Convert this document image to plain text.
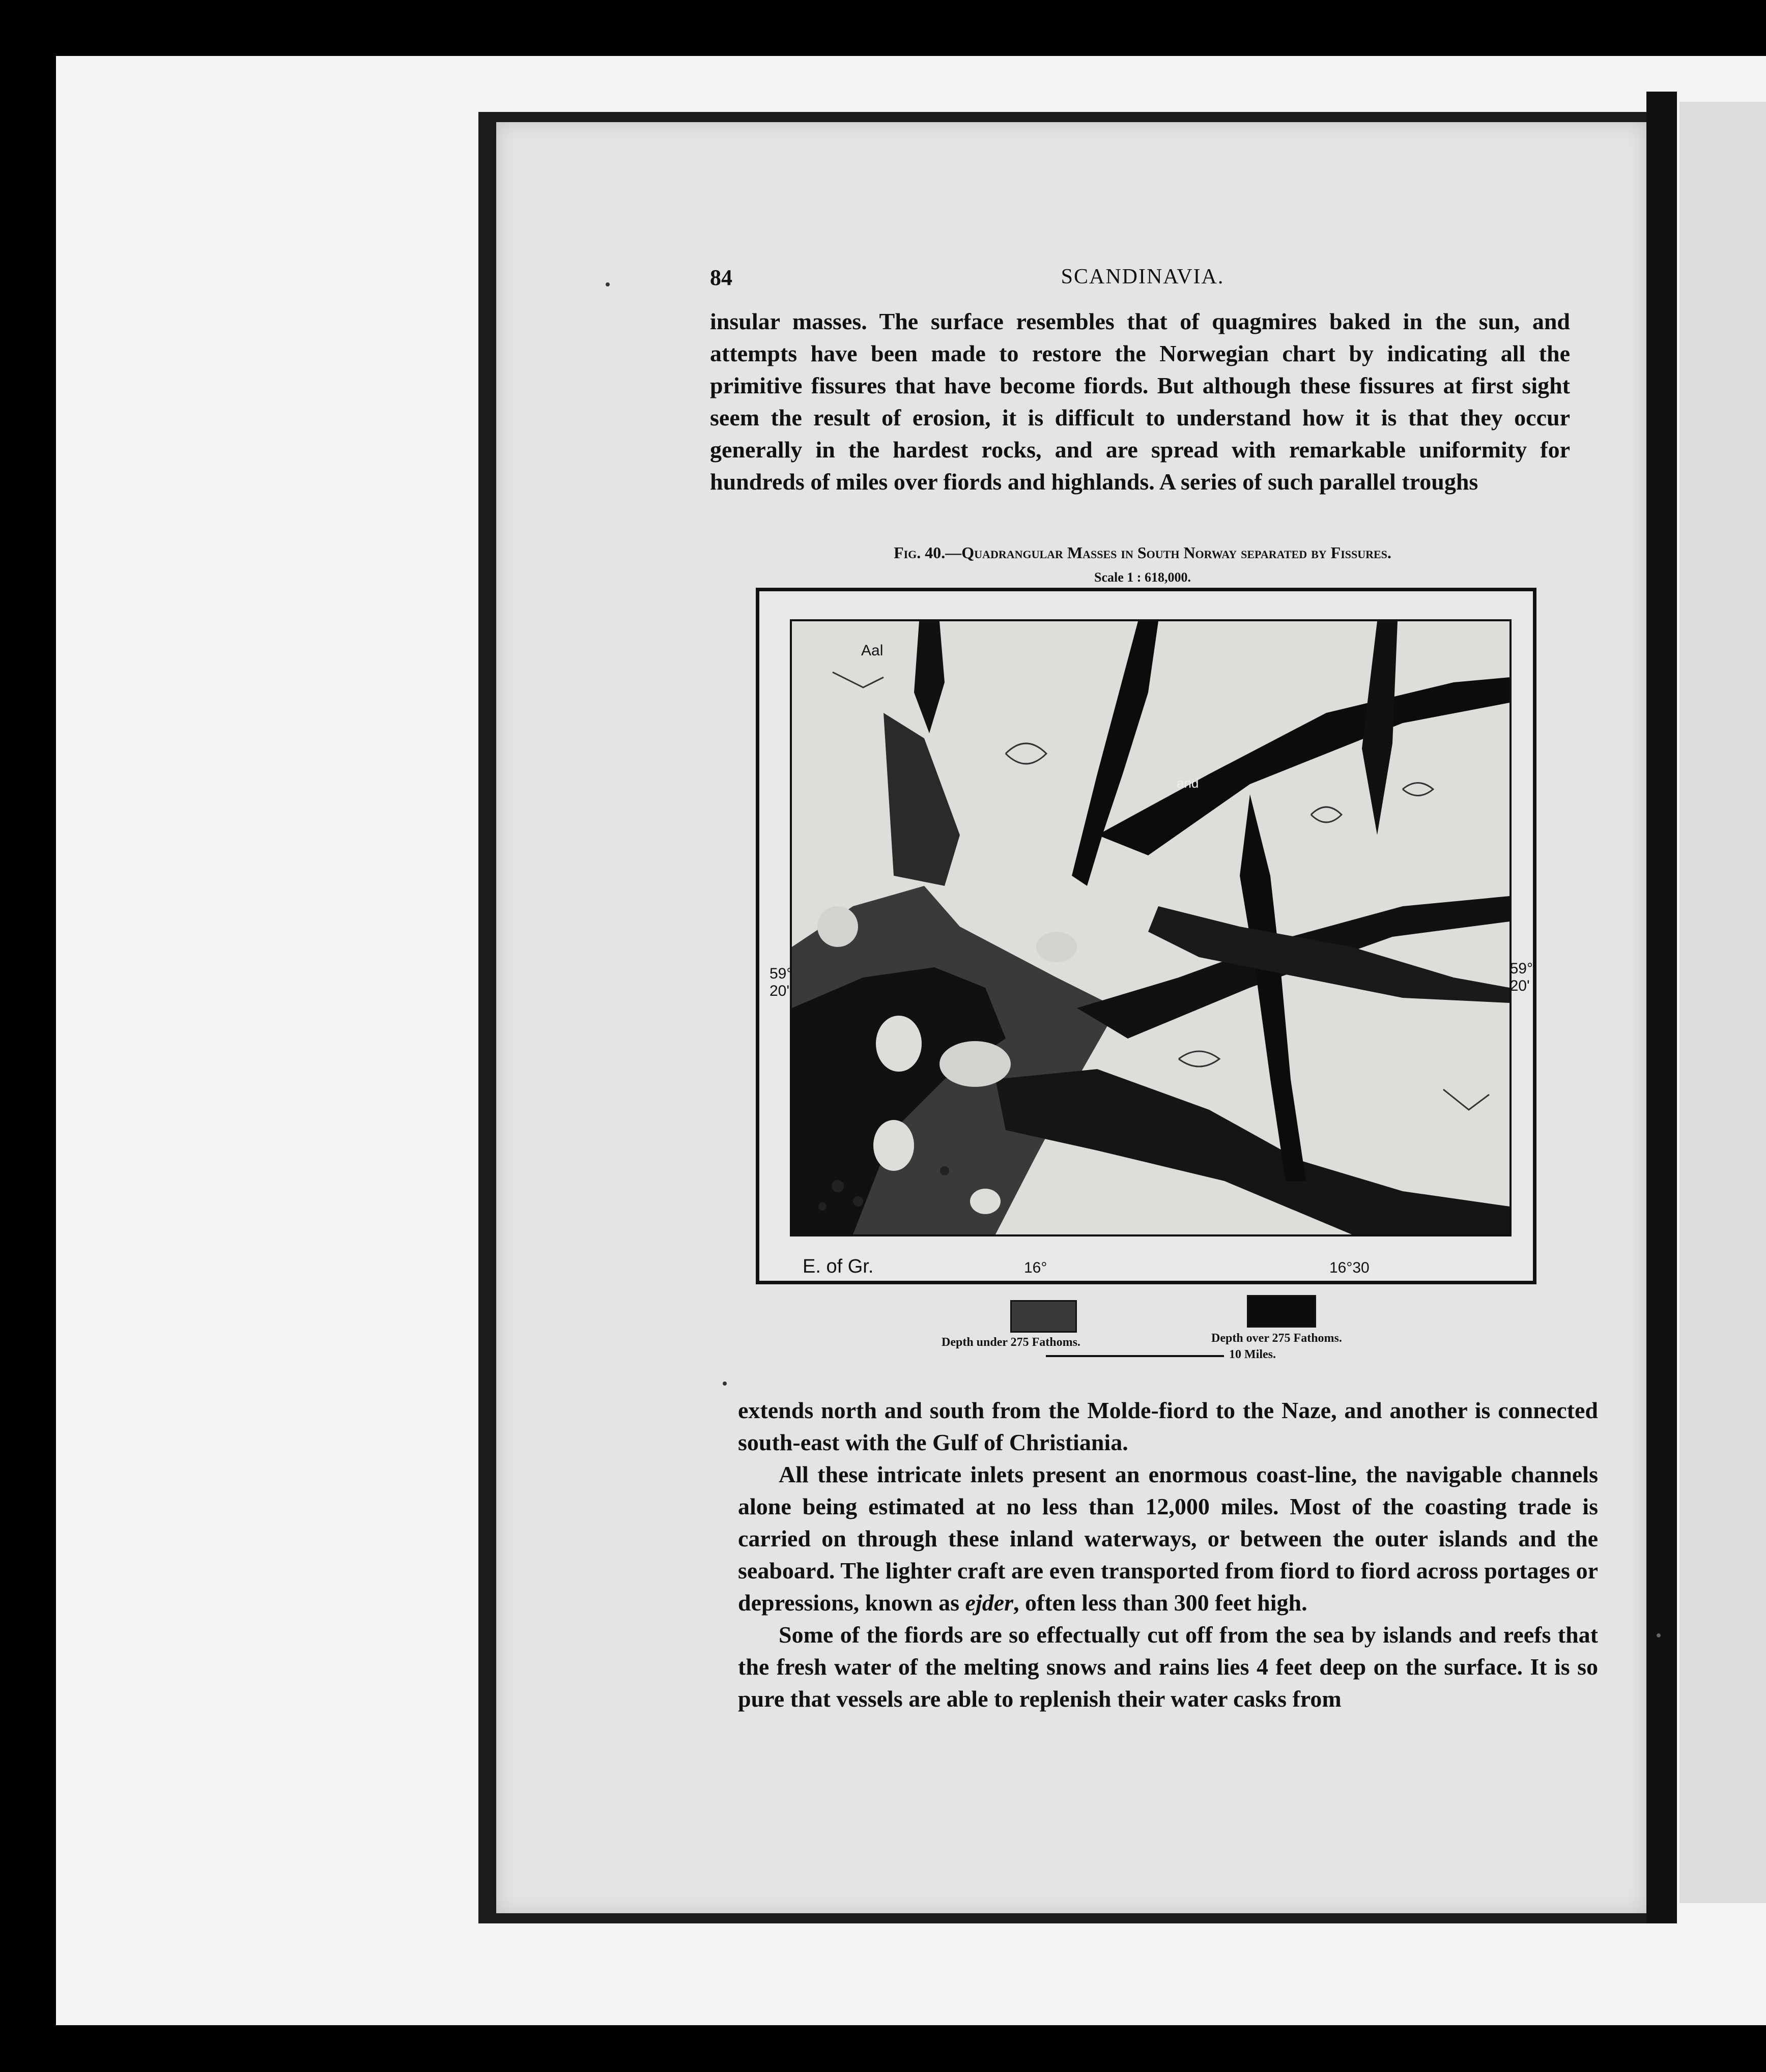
84	SCANDINAVIA.
insular masses. The surface resembles that of quagmires baked in the sun, and attempts have been made to restore the Norwegian chart by indicating all the primitive fissures that have become fiords. But although these fissures at first sight seem the result of erosion, it is difficult to understand how it is that they occur generally in the hardest rocks, and are spread with remarkable uniformity for hundreds of miles over fiords and highlands. A series of such parallel troughs
Fig. 40.—Quadrangular Masses in South Norway separated by Fissures.
Scale 1 : 618,000.
Aal
and
59°
20'
59°
20'
E. of Gr.	16°	16°30
Depth under 275 Fathoms.	Depth over 275 Fathoms.
10 Miles.
extends north and south from the Molde-fiord to the Naze, and another is connected south-east with the Gulf of Christiania.
All these intricate inlets present an enormous coast-line, the navigable channels alone being estimated at no less than 12,000 miles. Most of the coasting trade is carried on through these inland waterways, or between the outer islands and the seaboard. The lighter craft are even transported from fiord to fiord across portages or depressions, known as ejder, often less than 300 feet high.
Some of the fiords are so effectually cut off from the sea by islands and reefs that the fresh water of the melting snows and rains lies 4 feet deep on the surface. It is so pure that vessels are able to replenish their water casks from
